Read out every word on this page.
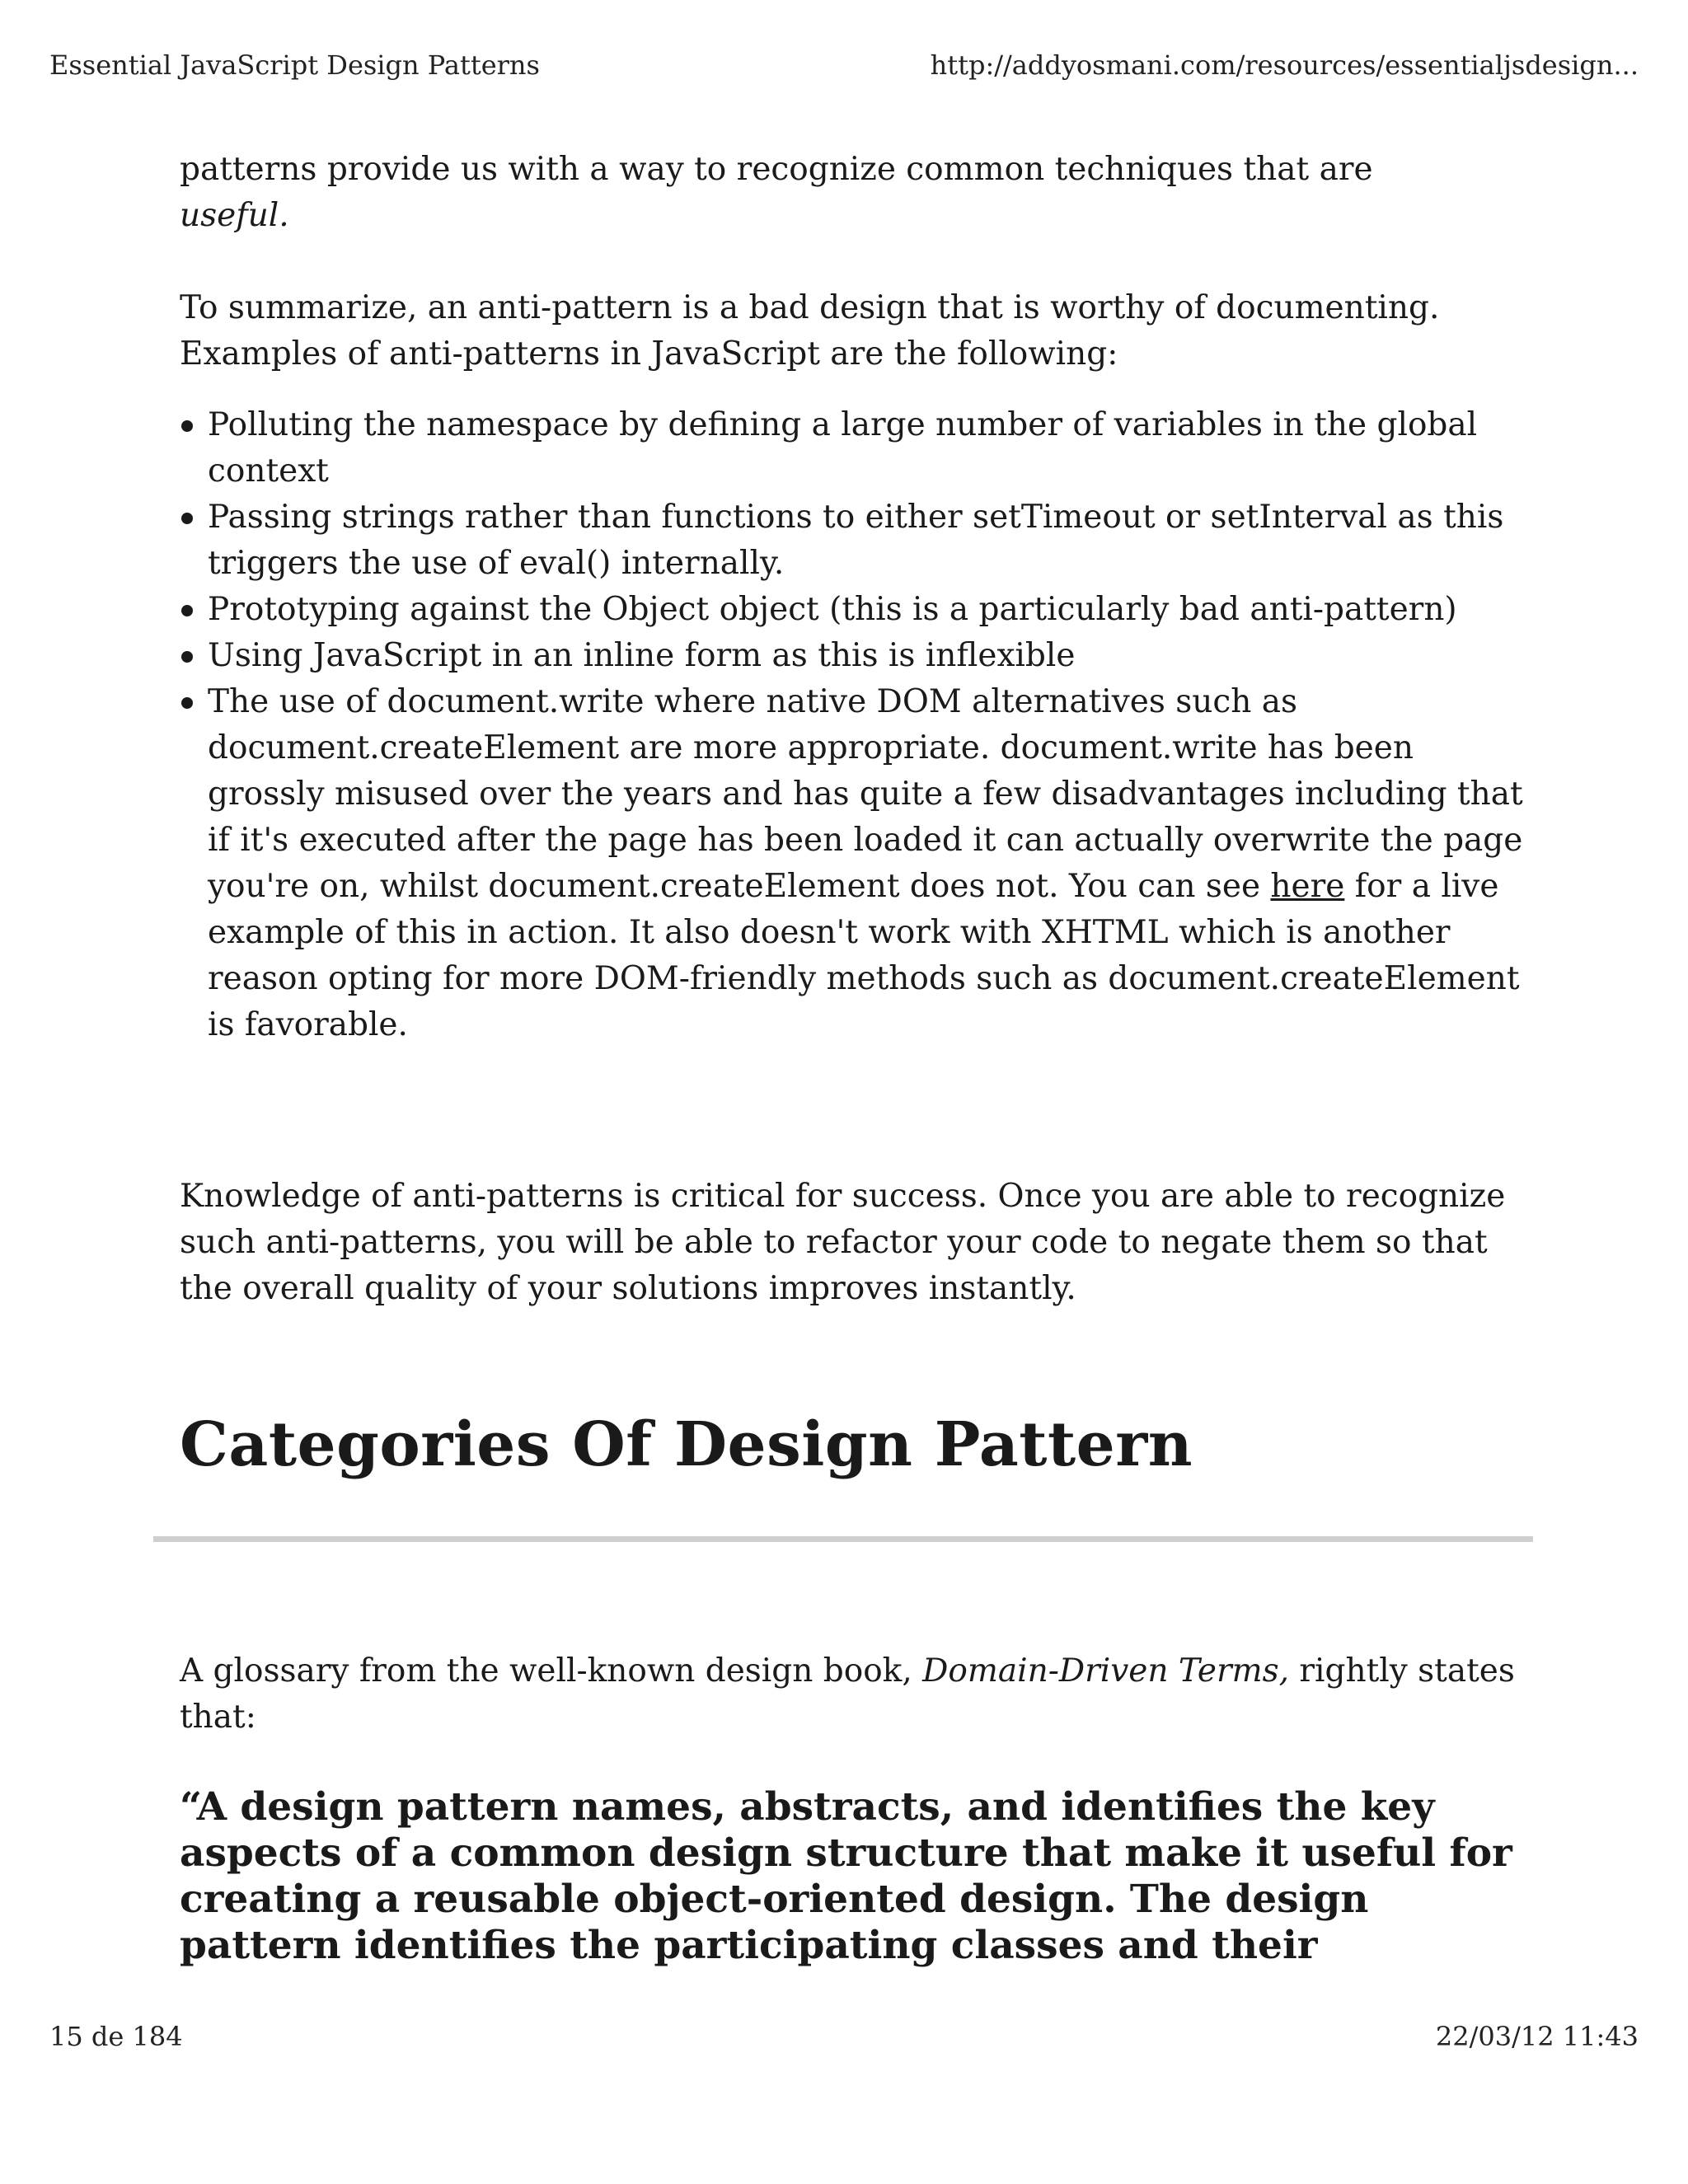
Essential JavaScript Design Patterns	http://addyosmani.com/resources/essentialjsdesign...

patterns provide us with a way to recognize common techniques that are
useful.

To summarize, an anti-pattern is a bad design that is worthy of documenting.
Examples of anti-patterns in JavaScript are the following:

Polluting the namespace by defining a large number of variables in the global context
Passing strings rather than functions to either setTimeout or setInterval as this triggers the use of eval() internally.
Prototyping against the Object object (this is a particularly bad anti-pattern)
Using JavaScript in an inline form as this is inflexible
The use of document.write where native DOM alternatives such as document.createElement are more appropriate. document.write has been grossly misused over the years and has quite a few disadvantages including that if it's executed after the page has been loaded it can actually overwrite the page you're on, whilst document.createElement does not. You can see here for a live example of this in action. It also doesn't work with XHTML which is another reason opting for more DOM-friendly methods such as document.createElement is favorable.

Knowledge of anti-patterns is critical for success. Once you are able to recognize such anti-patterns, you will be able to refactor your code to negate them so that the overall quality of your solutions improves instantly.

Categories Of Design Pattern

A glossary from the well-known design book, Domain-Driven Terms, rightly states that:

“A design pattern names, abstracts, and identifies the key aspects of a common design structure that make it useful for creating a reusable object-oriented design. The design pattern identifies the participating classes and their

15 de 184	22/03/12 11:43
